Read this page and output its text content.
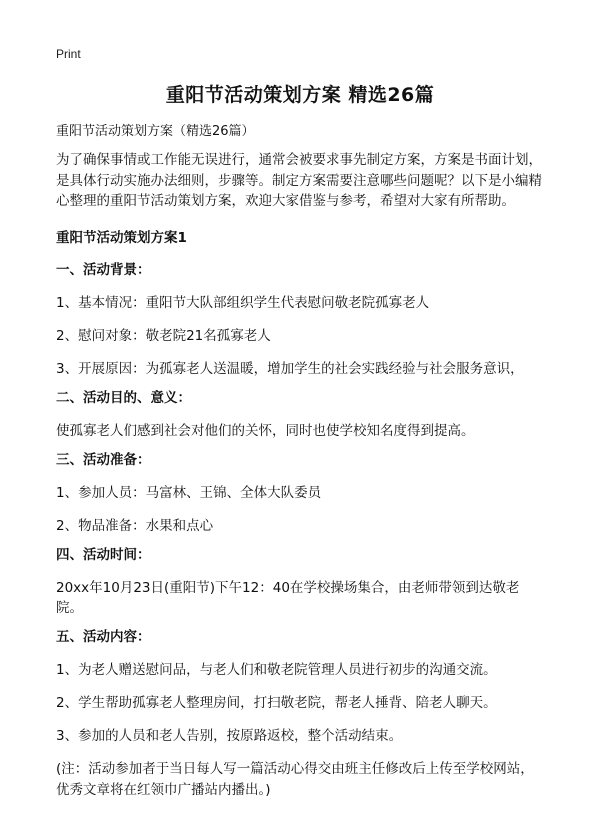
Print
重阳节活动策划方案 精选26篇

重阳节活动策划方案（精选26篇）

为了确保事情或工作能无误进行，通常会被要求事先制定方案，方案是书面计划，是具体行动实施办法细则，步骤等。制定方案需要注意哪些问题呢？以下是小编精心整理的重阳节活动策划方案，欢迎大家借鉴与参考，希望对大家有所帮助。

重阳节活动策划方案1

一、活动背景：

1、基本情况：重阳节大队部组织学生代表慰问敬老院孤寡老人

2、慰问对象：敬老院21名孤寡老人

3、开展原因：为孤寡老人送温暖，增加学生的社会实践经验与社会服务意识，

二、活动目的、意义：

使孤寡老人们感到社会对他们的关怀，同时也使学校知名度得到提高。

三、活动准备：

1、参加人员：马富林、王锦、全体大队委员

2、物品准备：水果和点心

四、活动时间：

20xx年10月23日(重阳节)下午12：40在学校操场集合，由老师带领到达敬老院。

五、活动内容：

1、为老人赠送慰问品，与老人们和敬老院管理人员进行初步的沟通交流。

2、学生帮助孤寡老人整理房间，打扫敬老院，帮老人捶背、陪老人聊天。

3、参加的人员和老人告别，按原路返校，整个活动结束。

(注：活动参加者于当日每人写一篇活动心得交由班主任修改后上传至学校网站，优秀文章将在红领巾广播站内播出。)
